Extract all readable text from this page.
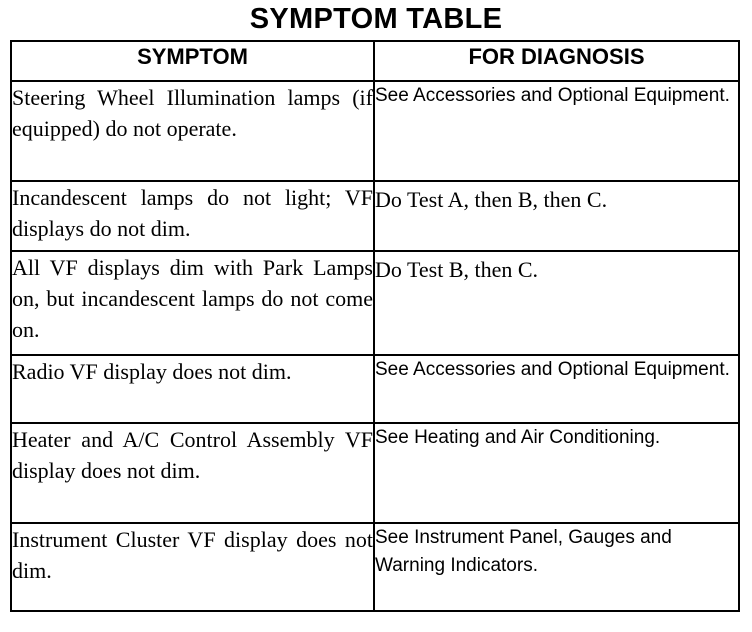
SYMPTOM TABLE
SYMPTOM	FOR DIAGNOSIS
Steering Wheel Illumination lamps (if equipped) do not operate.	See Accessories and Optional Equipment.
Incandescent lamps do not light; VF displays do not dim.	Do Test A, then B, then C.
All VF displays dim with Park Lamps on, but incandescent lamps do not come on.	Do Test B, then C.
Radio VF display does not dim.	See Accessories and Optional Equipment.
Heater and A/C Control Assembly VF display does not dim.	See Heating and Air Conditioning.
Instrument Cluster VF display does not dim.	See Instrument Panel, Gauges and Warning Indicators.
